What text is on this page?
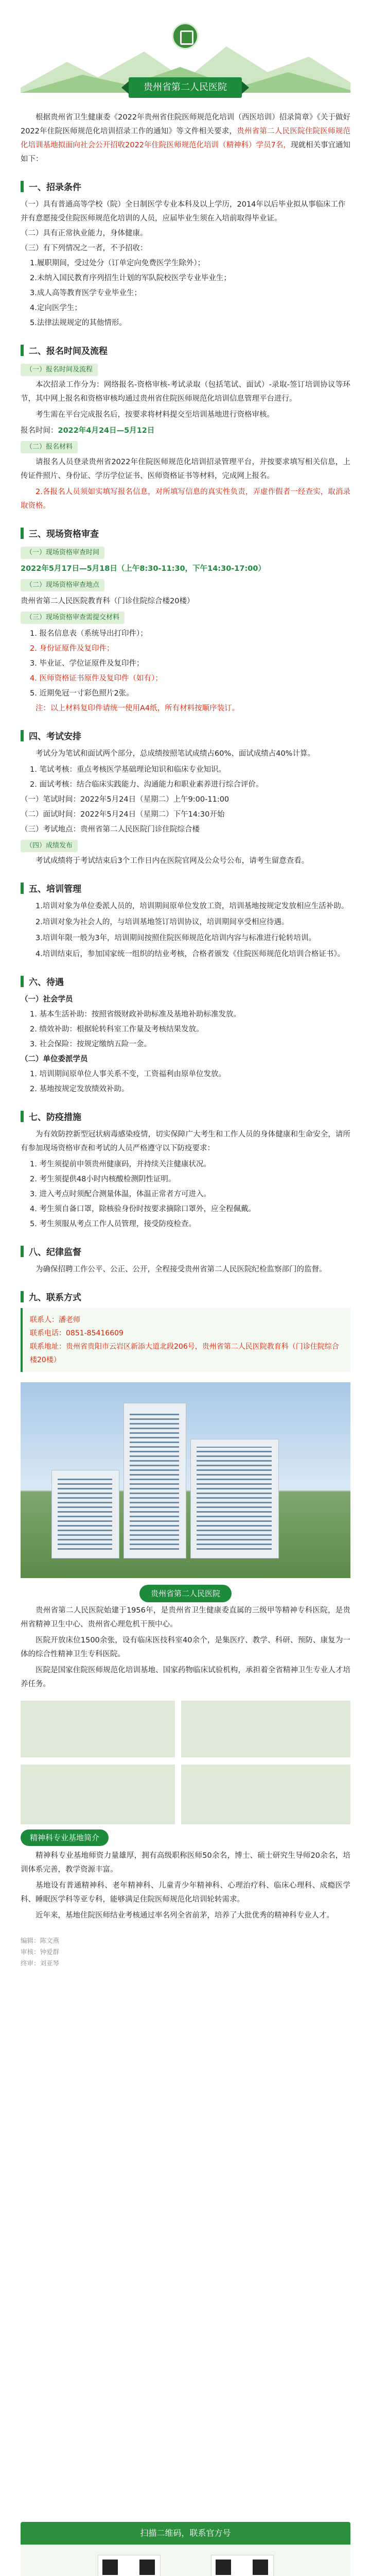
贵州省第二人民医院

根据贵州省卫生健康委《2022年贵州省住院医师规范化培训（西医培训）招录简章》《关于做好2022年住院医师规范化培训招录工作的通知》等文件相关要求，贵州省第二人民医院住院医师规范化培训基地拟面向社会公开招收2022年住院医师规范化培训（精神科）学员7名，现就相关事宜通知如下：

一、招录条件
（一）具有普通高等学校（院）全日制医学专业本科及以上学历，2014年以后毕业拟从事临床工作并有意愿接受住院医师规范化培训的人员，应届毕业生须在入培前取得毕业证。
（二）具有正常执业能力，身体健康。
（三）有下列情况之一者，不予招收：
1.履职期间，受过处分（订单定向免费医学生除外）；
2.未纳入国民教育序列招生计划的军队院校医学专业毕业生；
3.成人高等教育医学专业毕业生；
4.定向医学生；
5.法律法规规定的其他情形。
二、报名时间及流程
（一）报名时间及流程

本次招录工作分为：网络报名-资格审核-考试录取（包括笔试、面试）-录取-签订培训协议等环节，其中网上报名和资格审核均通过贵州省住院医师规范化培训信息管理平台进行。

考生需在平台完成报名后，按要求将材料提交至培训基地进行资格审核。

报名时间：2022年4月24日—5月12日
（二）报名材料

请报名人员登录贵州省2022年住院医师规范化培训招录管理平台，并按要求填写相关信息，上传证件照片、身份证、学历学位证书、医师资格证书等材料，完成网上报名。

2.各报名人员须如实填写报名信息，对所填写信息的真实性负责，弄虚作假者一经查实，取消录取资格。

三、现场资格审查
（一）现场资格审查时间
2022年5月17日—5月18日（上午8:30-11:30，下午14:30-17:00）
（二）现场资格审查地点
贵州省第二人民医院教育科（门诊住院综合楼20楼）
（三）现场资格审查需提交材料
1. 报名信息表（系统导出打印件）；
2. 身份证原件及复印件；
3. 毕业证、学位证原件及复印件；
4. 医师资格证书原件及复印件（如有）；
5. 近期免冠一寸彩色照片2张。

注：以上材料复印件请统一使用A4纸，所有材料按顺序装订。

四、考试安排

考试分为笔试和面试两个部分，总成绩按照笔试成绩占60%、面试成绩占40%计算。

1. 笔试考核：重点考核医学基础理论知识和临床专业知识。
2. 面试考核：结合临床实践能力、沟通能力和职业素养进行综合评价。
（一）笔试时间：2022年5月24日（星期二）上午9:00-11:00
（二）面试时间：2022年5月24日（星期二）下午14:30开始
（三）考试地点：贵州省第二人民医院门诊住院综合楼
（四）成绩发布

考试成绩将于考试结束后3个工作日内在医院官网及公众号公布，请考生留意查看。

五、培训管理

1.培训对象为单位委派人员的，培训期间原单位发放工资，培训基地按规定发放相应生活补助。

2.培训对象为社会人的，与培训基地签订培训协议，培训期间享受相应待遇。

3.培训年限一般为3年，培训期间按照住院医师规范化培训内容与标准进行轮转培训。

4.培训结束后，参加国家统一组织的结业考核，合格者颁发《住院医师规范化培训合格证书》。

六、待遇
（一）社会学员
1. 基本生活补助：按照省级财政补助标准及基地补助标准发放。
2. 绩效补助：根据轮转科室工作量及考核结果发放。
3. 社会保险：按规定缴纳五险一金。
（二）单位委派学员
1. 培训期间原单位人事关系不变，工资福利由原单位发放。
2. 基地按规定发放绩效补助。
七、防疫措施

为有效防控新型冠状病毒感染疫情，切实保障广大考生和工作人员的身体健康和生命安全，请所有参加现场资格审查和考试的人员严格遵守以下防疫要求：

1. 考生须提前申领贵州健康码，并持续关注健康状况。
2. 考生须提供48小时内核酸检测阴性证明。
3. 进入考点时须配合测量体温，体温正常者方可进入。
4. 考生须自备口罩，除核验身份时按要求摘除口罩外，应全程佩戴。
5. 考生须服从考点工作人员管理，接受防疫检查。
八、纪律监督

为确保招聘工作公平、公正、公开，全程接受贵州省第二人民医院纪检监察部门的监督。

九、联系方式
联系人：潘老师
联系电话：0851-85416609
联系地址：贵州省贵阳市云岩区新添大道北段206号，贵州省第二人民医院教育科（门诊住院综合楼20楼）
贵州省第二人民医院

贵州省第二人民医院始建于1956年，是贵州省卫生健康委直属的三级甲等精神专科医院，是贵州省精神卫生中心、贵州省心理危机干预中心。

医院开放床位1500余张，设有临床医技科室40余个，是集医疗、教学、科研、预防、康复为一体的综合性精神卫生专科医院。

医院是国家住院医师规范化培训基地、国家药物临床试验机构，承担着全省精神卫生专业人才培养任务。

精神科专业基地简介

精神科专业基地师资力量雄厚，拥有高级职称医师50余名，博士、硕士研究生导师20余名，培训体系完善，教学资源丰富。

基地设有普通精神科、老年精神科、儿童青少年精神科、心理治疗科、临床心理科、成瘾医学科、睡眠医学科等亚专科，能够满足住院医师规范化培训轮转需求。

近年来，基地住院医师结业考核通过率名列全省前茅，培养了大批优秀的精神科专业人才。

编辑：陈文燕
审核：钟爱群
终审：刘亚琴
扫描二维码，联系官方号
